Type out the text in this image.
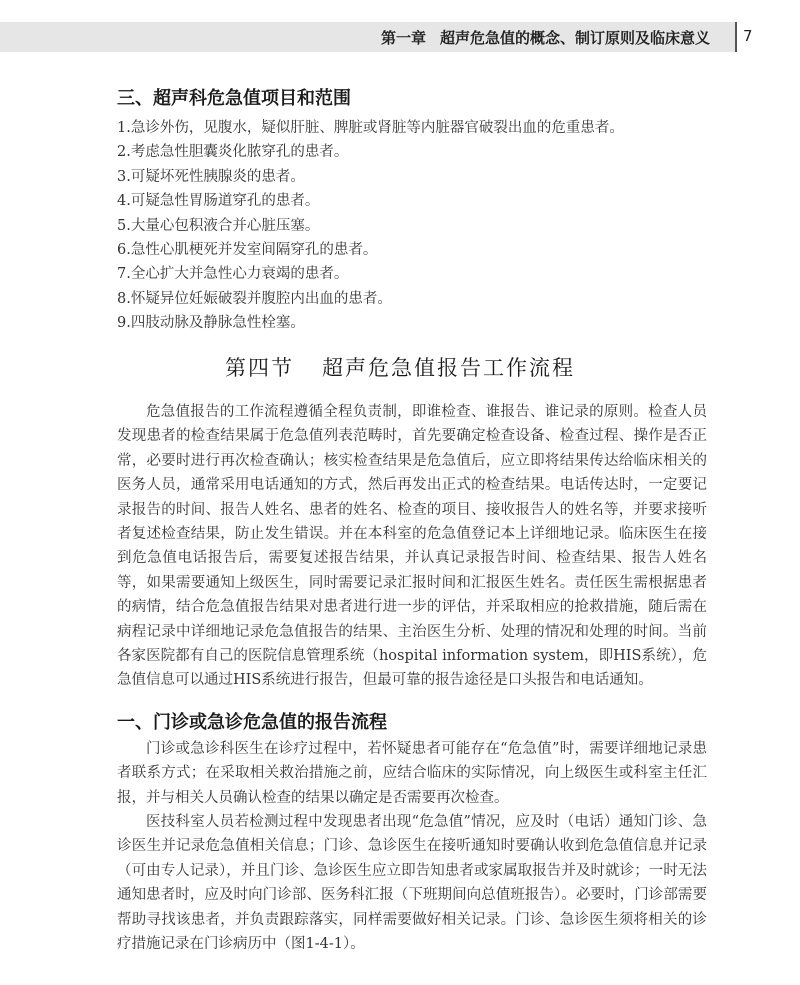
第一章 超声危急值的概念、制订原则及临床意义 7
三、超声科危急值项目和范围
1.急诊外伤，见腹水，疑似肝脏、脾脏或肾脏等内脏器官破裂出血的危重患者。
2.考虑急性胆囊炎化脓穿孔的患者。
3.可疑坏死性胰腺炎的患者。
4.可疑急性胃肠道穿孔的患者。
5.大量心包积液合并心脏压塞。
6.急性心肌梗死并发室间隔穿孔的患者。
7.全心扩大并急性心力衰竭的患者。
8.怀疑异位妊娠破裂并腹腔内出血的患者。
9.四肢动脉及静脉急性栓塞。
第四节 超声危急值报告工作流程

危急值报告的工作流程遵循全程负责制，即谁检查、谁报告、谁记录的原则。检查人员发现患者的检查结果属于危急值列表范畴时，首先要确定检查设备、检查过程、操作是否正常，必要时进行再次检查确认；核实检查结果是危急值后，应立即将结果传达给临床相关的医务人员，通常采用电话通知的方式，然后再发出正式的检查结果。电话传达时，一定要记录报告的时间、报告人姓名、患者的姓名、检查的项目、接收报告人的姓名等，并要求接听者复述检查结果，防止发生错误。并在本科室的危急值登记本上详细地记录。临床医生在接到危急值电话报告后，需要复述报告结果，并认真记录报告时间、检查结果、报告人姓名等，如果需要通知上级医生，同时需要记录汇报时间和汇报医生姓名。责任医生需根据患者的病情，结合危急值报告结果对患者进行进一步的评估，并采取相应的抢救措施，随后需在病程记录中详细地记录危急值报告的结果、主治医生分析、处理的情况和处理的时间。当前各家医院都有自己的医院信息管理系统（hospital information system，即HIS系统），危急值信息可以通过HIS系统进行报告，但最可靠的报告途径是口头报告和电话通知。

一、门诊或急诊危急值的报告流程

门诊或急诊科医生在诊疗过程中，若怀疑患者可能存在“危急值”时，需要详细地记录患者联系方式；在采取相关救治措施之前，应结合临床的实际情况，向上级医生或科室主任汇报，并与相关人员确认检查的结果以确定是否需要再次检查。

医技科室人员若检测过程中发现患者出现“危急值”情况，应及时（电话）通知门诊、急诊医生并记录危急值相关信息；门诊、急诊医生在接听通知时要确认收到危急值信息并记录（可由专人记录），并且门诊、急诊医生应立即告知患者或家属取报告并及时就诊；一时无法通知患者时，应及时向门诊部、医务科汇报（下班期间向总值班报告）。必要时，门诊部需要帮助寻找该患者，并负责跟踪落实，同样需要做好相关记录。门诊、急诊医生须将相关的诊疗措施记录在门诊病历中（图1-4-1）。
